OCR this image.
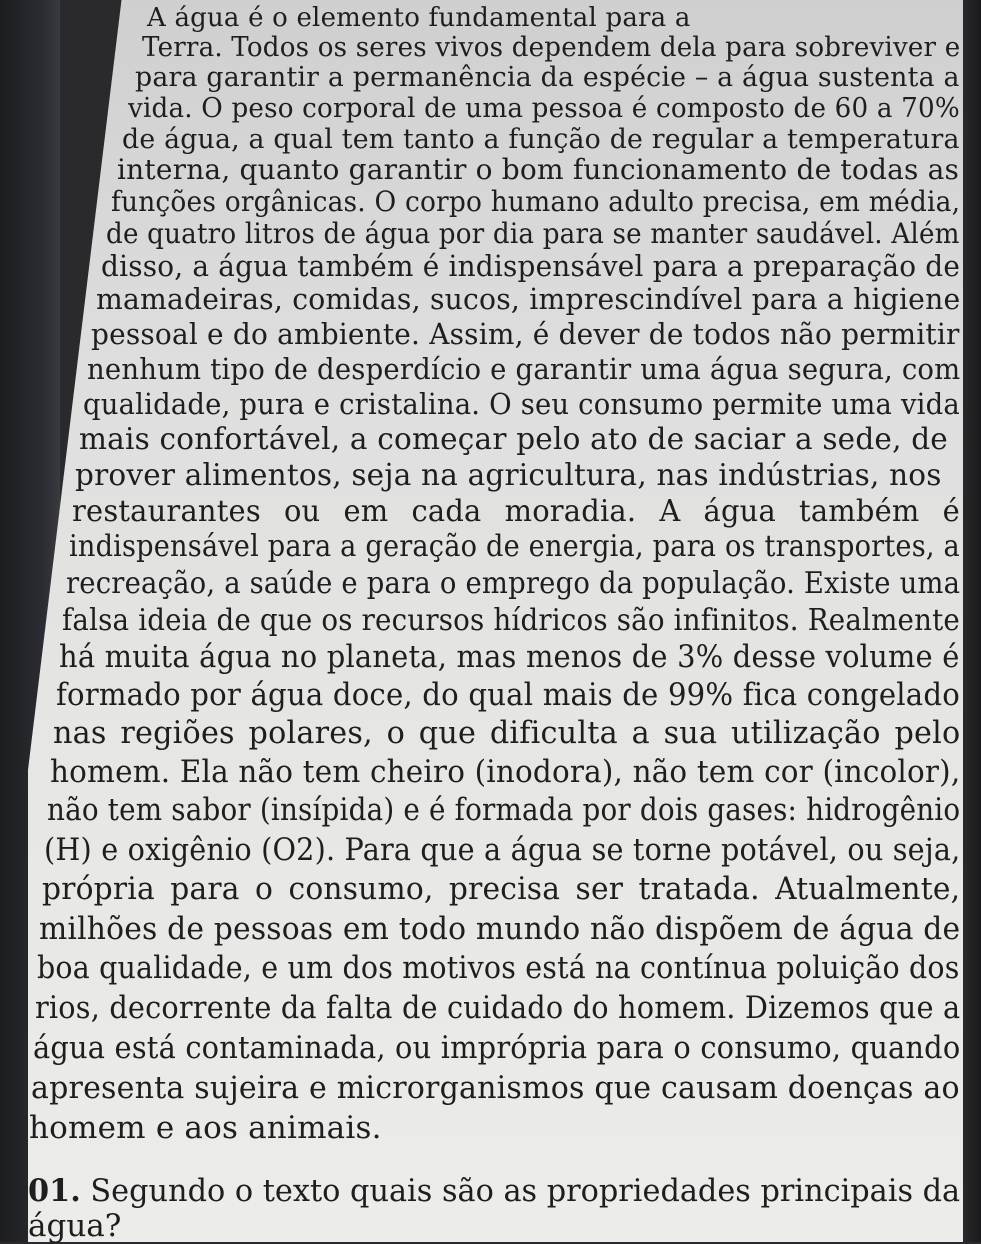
A água é o elemento fundamental para a
Terra. Todos os seres vivos dependem dela para sobreviver e
para garantir a permanência da espécie – a água sustenta a
vida. O peso corporal de uma pessoa é composto de 60 a 70%
de água, a qual tem tanto a função de regular a temperatura
interna, quanto garantir o bom funcionamento de todas as
funções orgânicas. O corpo humano adulto precisa, em média,
de quatro litros de água por dia para se manter saudável. Além
disso, a água também é indispensável para a preparação de
mamadeiras, comidas, sucos, imprescindível para a higiene
pessoal e do ambiente. Assim, é dever de todos não permitir
nenhum tipo de desperdício e garantir uma água segura, com
qualidade, pura e cristalina. O seu consumo permite uma vida
mais confortável, a começar pelo ato de saciar a sede, de
prover alimentos, seja na agricultura, nas indústrias, nos
restaurantes ou em cada moradia. A água também é
indispensável para a geração de energia, para os transportes, a
recreação, a saúde e para o emprego da população. Existe uma
falsa ideia de que os recursos hídricos são infinitos. Realmente
há muita água no planeta, mas menos de 3% desse volume é
formado por água doce, do qual mais de 99% fica congelado
nas regiões polares, o que dificulta a sua utilização pelo
homem. Ela não tem cheiro (inodora), não tem cor (incolor),
não tem sabor (insípida) e é formada por dois gases: hidrogênio
(H) e oxigênio (O2). Para que a água se torne potável, ou seja,
própria para o consumo, precisa ser tratada. Atualmente,
milhões de pessoas em todo mundo não dispõem de água de
boa qualidade, e um dos motivos está na contínua poluição dos
rios, decorrente da falta de cuidado do homem. Dizemos que a
água está contaminada, ou imprópria para o consumo, quando
apresenta sujeira e microrganismos que causam doenças ao
homem e aos animais.
01. Segundo o texto quais são as propriedades principais da
água?
